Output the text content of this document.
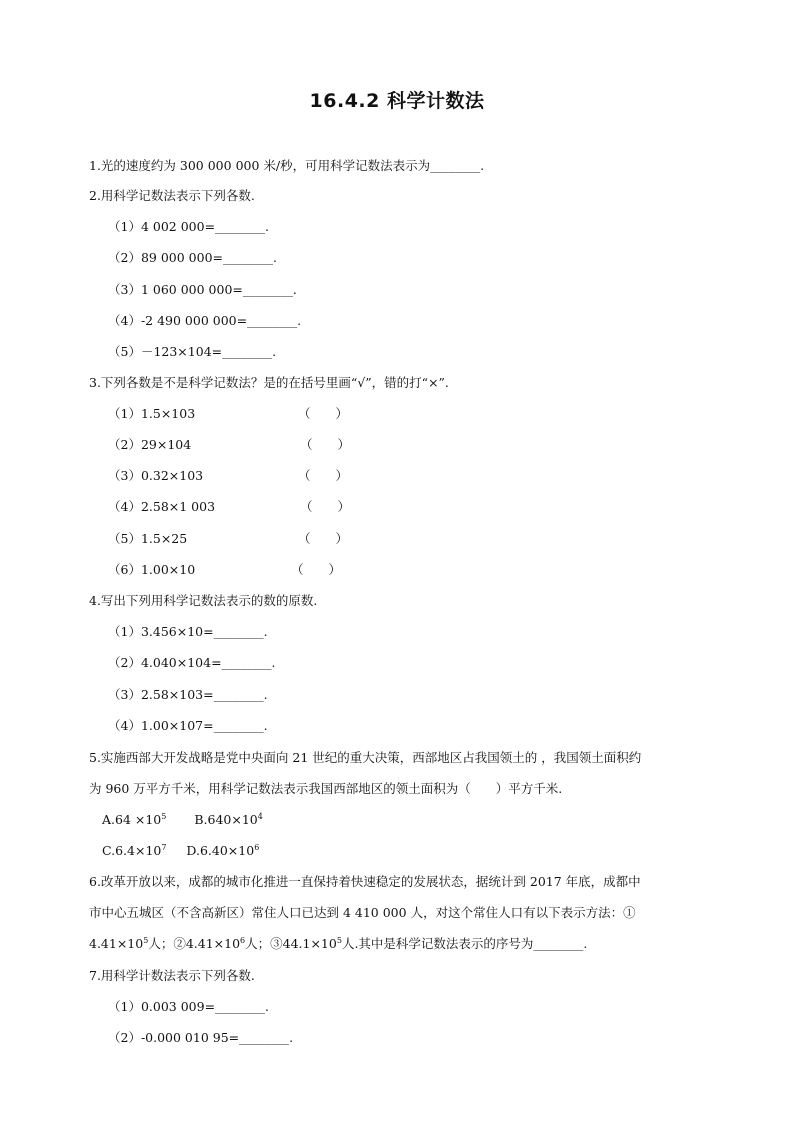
16.4.2 科学计数法
1.光的速度约为 300 000 000 米/秒，可用科学记数法表示为________.
2.用科学记数法表示下列各数.
（1）4 002 000=________.
（2）89 000 000=________.
（3）1 060 000 000=________.
（4）-2 490 000 000=________.
（5）－123×104=________.
3.下列各数是不是科学记数法？是的在括号里画“√”，错的打“×”.
（1）1.5×103	（　　）
（2）29×104	（　　）
（3）0.32×103	（　　）
（4）2.58×1 003	（　　）
（5）1.5×25	（　　）
（6）1.00×10	（　　）
4.写出下列用科学记数法表示的数的原数.
（1）3.456×10=________.
（2）4.040×104=________.
（3）2.58×103=________.
（4）1.00×107=________.
5.实施西部大开发战略是党中央面向 21 世纪的重大决策，西部地区占我国领土的 ，我国领土面积约
为 960 万平方千米，用科学记数法表示我国西部地区的领土面积为（　　）平方千米.
$A.64 \times 10^5$ $B.640\times 10^4$
$C.6.4\times 10^7$ $D.6.40\times 10^6$
6.改革开放以来，成都的城市化推进一直保持着快速稳定的发展状态，据统计到 2017 年底，成都中
市中心五城区（不含高新区）常住人口已达到 4 410 000 人，对这个常住人口有以下表示方法：①
$4.41\times 10^5$人；$②4.41\times 10^6$人；$③44.1\times 10^5$人.其中是科学记数法表示的序号为________.
7.用科学计数法表示下列各数.
（1）0.003 009=________.
（2）-0.000 010 95=________.
